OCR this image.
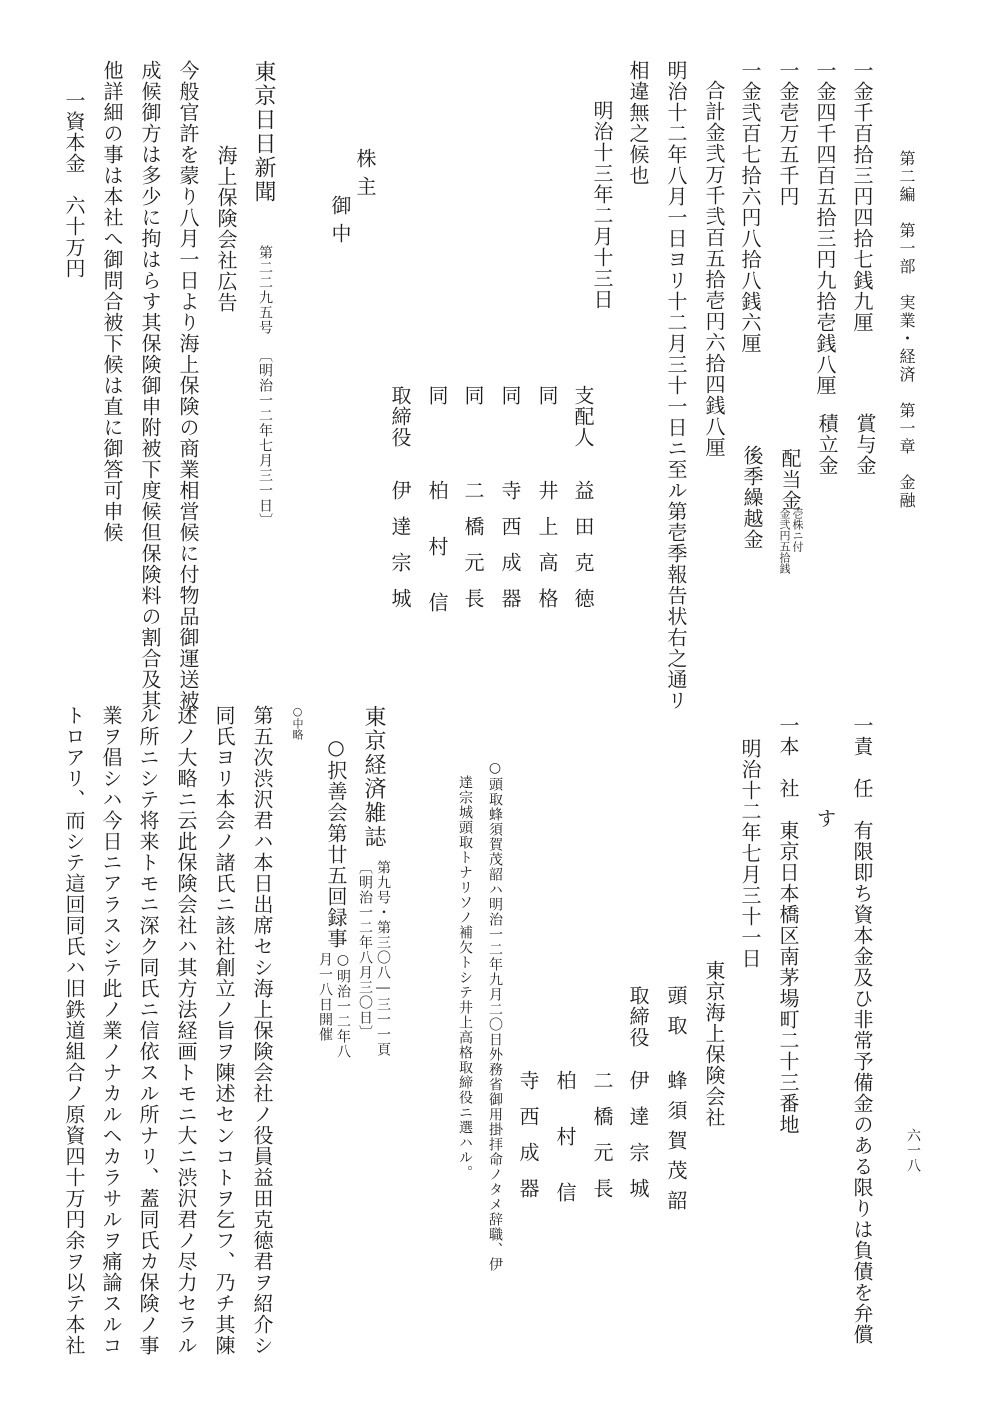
第二編　第一部　実業・経済　第一章　金融
六一八
一金千百拾三円四拾七銭九厘
賞与金
一金四千四百五拾三円九拾壱銭八厘
積立金
一金壱万五千円
配当金
壱株ニ付
金弐円五拾銭
一金弐百七拾六円八拾八銭六厘
後季繰越金
合計金弐万千弐百五拾壱円六拾四銭八厘
明治十二年八月一日ヨリ十二月三十一日ニ至ル第壱季報告状右之通リ
相違無之候也
明治十三年二月十三日
支配人
益田克徳
同
井上高格
同
寺西成器
同
二橋元長
同
柏村信
取締役
伊達宗城
株主
御中
東京日日新聞
第二二九五号
〔明治一二年七月三一日〕
海上保険会社広告
今般官許を蒙り八月一日より海上保険の商業相営候に付物品御運送被
成候御方は多少に拘はらす其保険御申附被下度候但保険料の割合及其
他詳細の事は本社へ御問合被下候は直に御答可申候
一資本金　六十万円
一責　任　有限即ち資本金及ひ非常予備金のある限りは負債を弁償
す
一本　社　東京日本橋区南茅場町二十三番地
明治十二年七月三十一日
東京海上保険会社
頭取
蜂須賀茂韶
取締役
伊達宗城
二橋元長
柏村信
寺西成器
○頭取蜂須賀茂韶ハ明治一二年九月二〇日外務省御用掛拝命ノタメ辞職、伊
達宗城頭取トナリソノ補欠トシテ井上高格取締役ニ選ハル。
東京経済雑誌
第九号・第三〇八―三一一頁
〔明治一二年八月三〇日〕
○択善会第廿五回録事
○明治一二年八
月一八日開催
○中略
第五次渋沢君ハ本日出席セシ海上保険会社ノ役員益田克徳君ヲ紹介シ
同氏ヨリ本会ノ諸氏ニ該社創立ノ旨ヲ陳述センコトヲ乞フ、乃チ其陳
述ノ大略ニ云此保険会社ハ其方法経画トモニ大ニ渋沢君ノ尽力セラル
ル所ニシテ将来トモニ深ク同氏ニ信依スル所ナリ、蓋同氏カ保険ノ事
業ヲ倡シハ今日ニアラスシテ此ノ業ノナカルヘカラサルヲ痛論スルコ
トロアリ、而シテ這回同氏ハ旧鉄道組合ノ原資四十万円余ヲ以テ本社
